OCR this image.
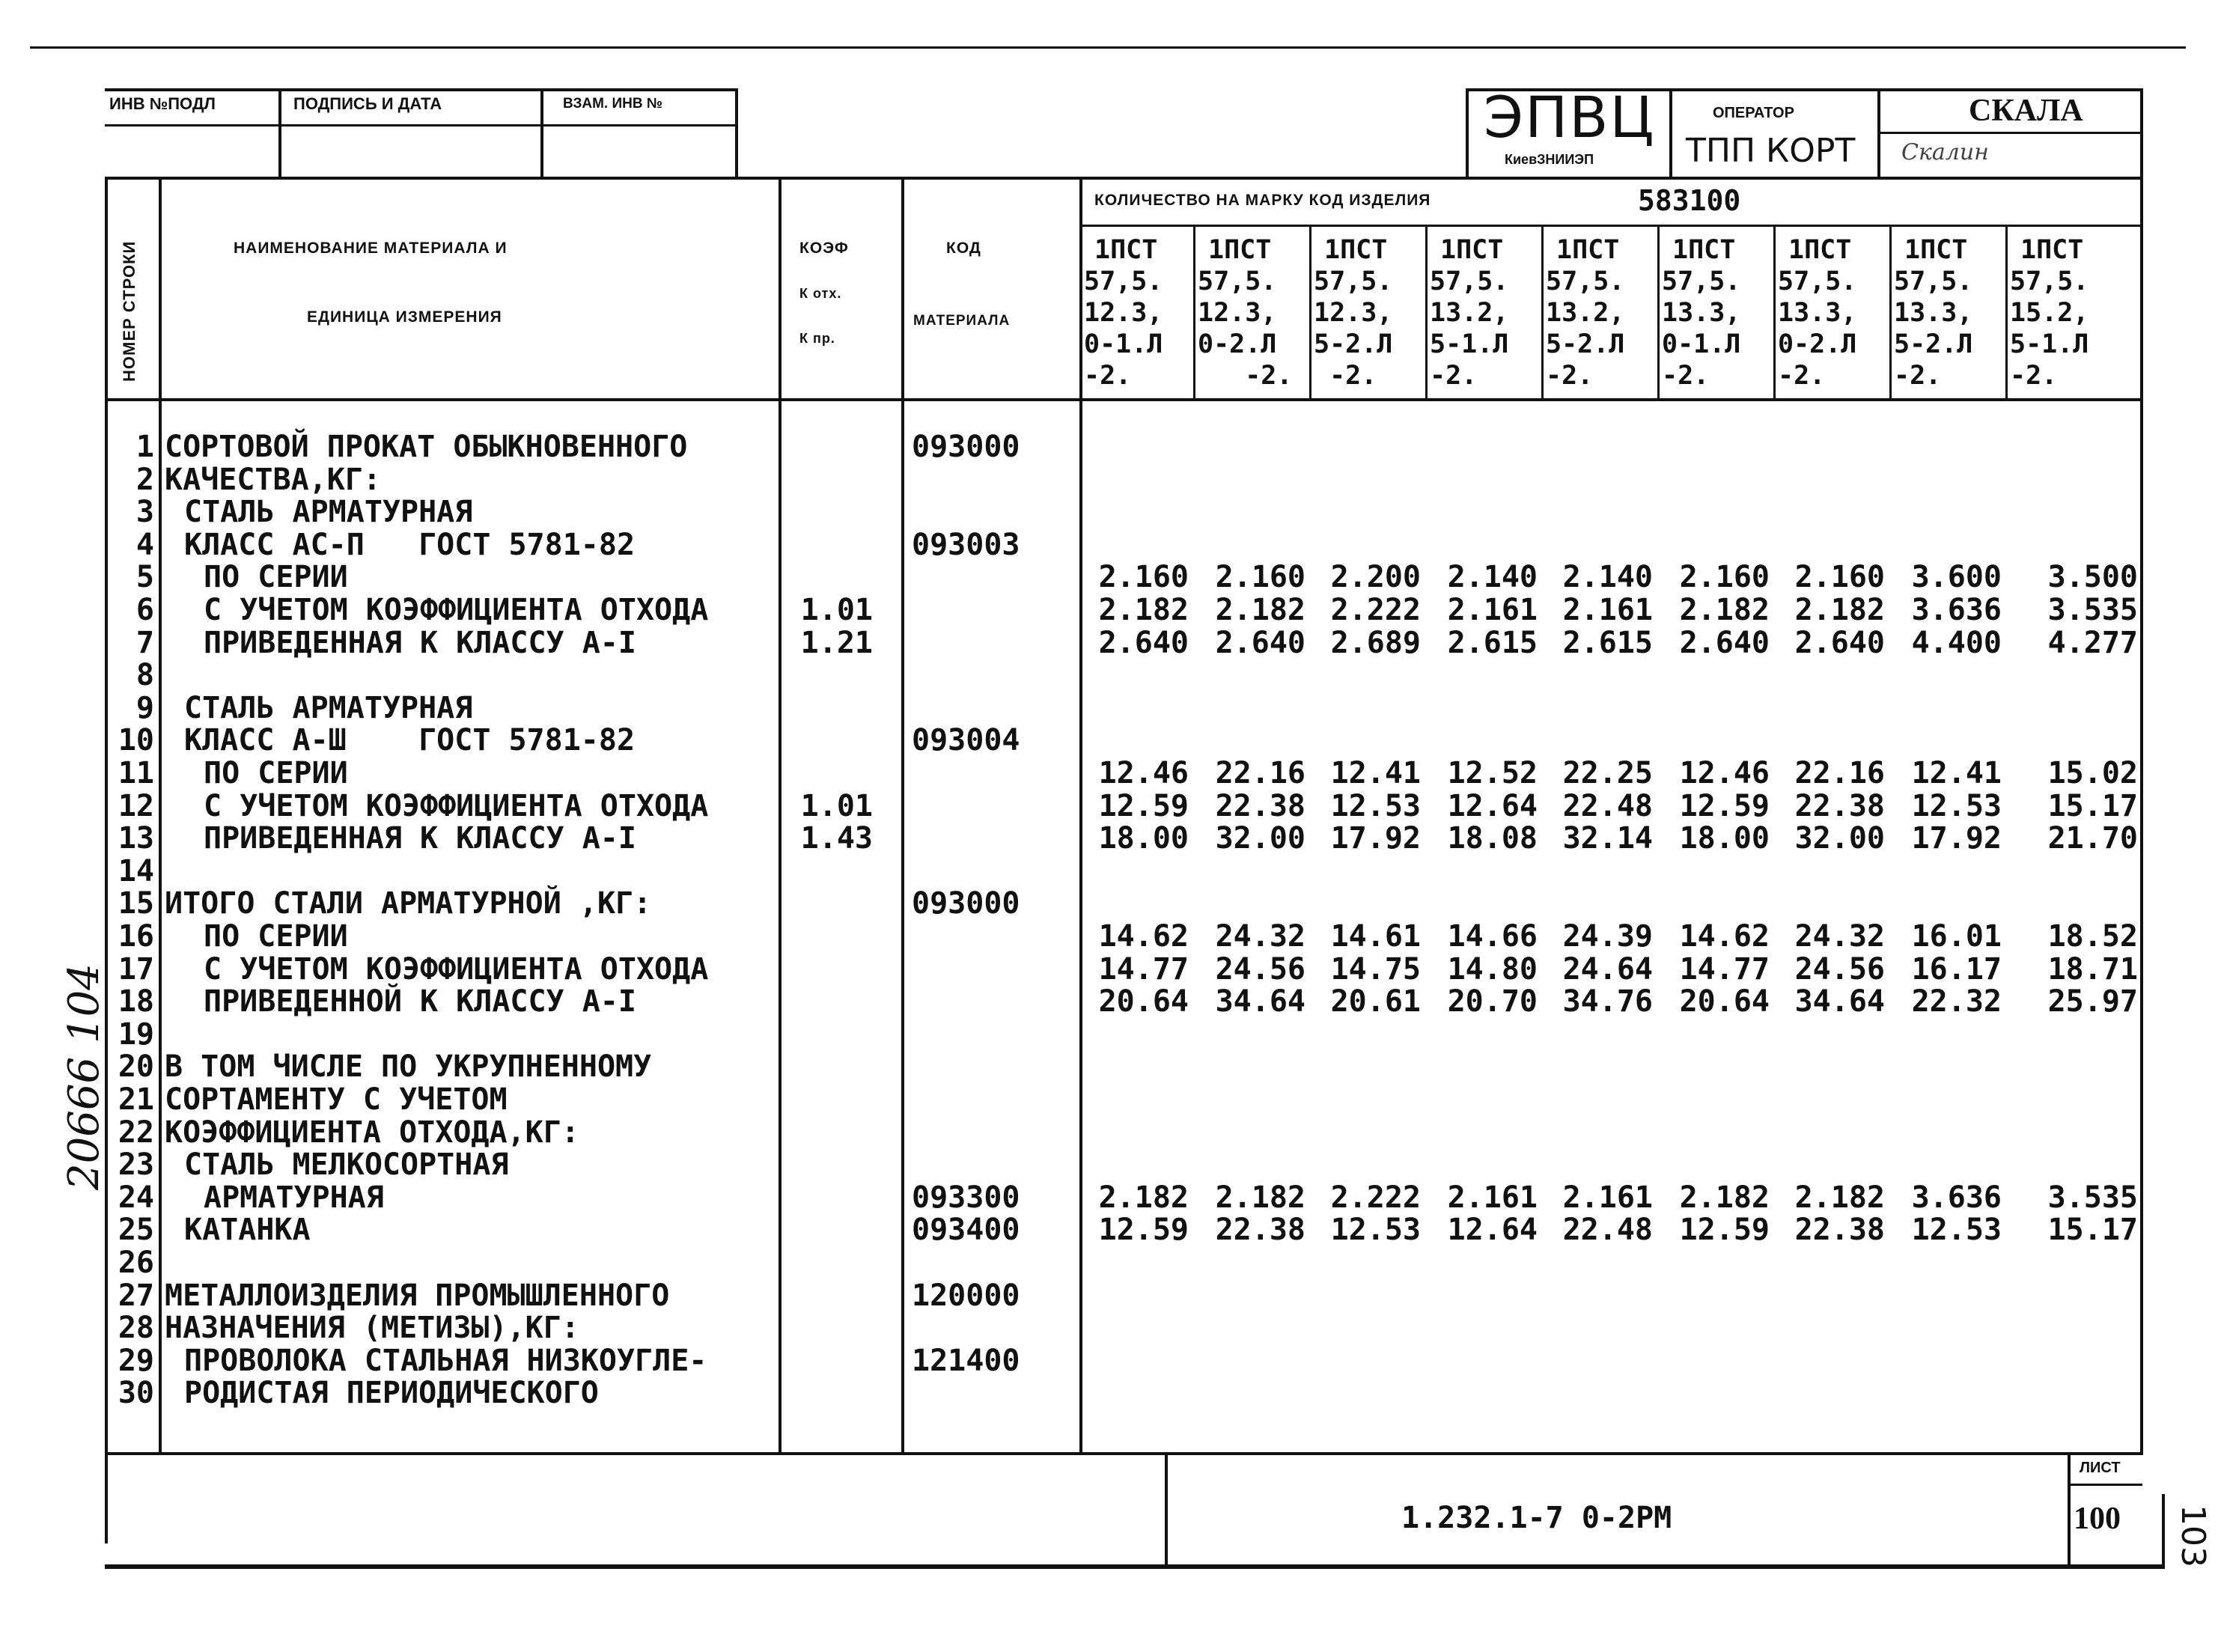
ИНВ №ПОДЛ	ПОДПИСЬ И ДАТА	ВЗАМ. ИНВ №	ЭПВЦ
КиевЗНИИЭП
ОПЕРАТОР
ТПП КОРТ
СКАЛА
Скалин
НОМЕР СТРОКИ	НАИМЕНОВАНИЕ МАТЕРИАЛА И
ЕДИНИЦА ИЗМЕРЕНИЯ
КОЭФ
К отх.
К пр.
КОД
МАТЕРИАЛА
КОЛИЧЕСТВО НА МАРКУ КОД ИЗДЕЛИЯ	583100
1ПСТ
57,5.
12.3,
0-1.Л
-2.
1ПСТ
57,5.
12.3,
0-2.Л
-2.
1ПСТ
57,5.
12.3,
5-2.Л
-2.
1ПСТ
57,5.
13.2,
5-1.Л
-2.
1ПСТ
57,5.
13.2,
5-2.Л
-2.
1ПСТ
57,5.
13.3,
0-1.Л
-2.
1ПСТ
57,5.
13.3,
0-2.Л
-2.
1ПСТ
57,5.
13.3,
5-2.Л
-2.
1ПСТ
57,5.
15.2,
5-1.Л
-2.
1 СОРТОВОЙ ПРОКАТ ОБЫКНОВЕННОГО	093000
2 КАЧЕСТВА,КГ:
3 СТАЛЬ АРМАТУРНАЯ
4 КЛАСС АС-П   ГОСТ 5781-82	093003
5 ПО СЕРИИ	2.160 2.160 2.200 2.140 2.140 2.160 2.160 3.600	3.500
6 С УЧЕТОМ КОЭФФИЦИЕНТА ОТХОДА	1.01	2.182 2.182 2.222 2.161 2.161 2.182 2.182 3.636	3.535
7 ПРИВЕДЕННАЯ К КЛАССУ А-I	1.21	2.640 2.640 2.689 2.615 2.615 2.640 2.640 4.400	4.277
8
9 СТАЛЬ АРМАТУРНАЯ
10 КЛАСС А-Ш    ГОСТ 5781-82	093004
11 ПО СЕРИИ	12.46 22.16 12.41 12.52 22.25 12.46 22.16 12.41	15.02
12 С УЧЕТОМ КОЭФФИЦИЕНТА ОТХОДА	1.01	12.59 22.38 12.53 12.64 22.48 12.59 22.38 12.53	15.17
13 ПРИВЕДЕННАЯ К КЛАССУ А-I	1.43	18.00 32.00 17.92 18.08 32.14 18.00 32.00 17.92	21.70
14
15 ИТОГО СТАЛИ АРМАТУРНОЙ ,КГ:	093000
16 ПО СЕРИИ	14.62 24.32 14.61 14.66 24.39 14.62 24.32 16.01	18.52
17 С УЧЕТОМ КОЭФФИЦИЕНТА ОТХОДА	14.77 24.56 14.75 14.80 24.64 14.77 24.56 16.17	18.71
18 ПРИВЕДЕННОЙ К КЛАССУ А-I	20.64 34.64 20.61 20.70 34.76 20.64 34.64 22.32	25.97
19
20 В ТОМ ЧИСЛЕ ПО УКРУПНЕННОМУ
21 СОРТАМЕНТУ С УЧЕТОМ
22 КОЭФФИЦИЕНТА ОТХОДА,КГ:
23 СТАЛЬ МЕЛКОСОРТНАЯ
24 АРМАТУРНАЯ	093300	2.182 2.182 2.222 2.161 2.161 2.182 2.182 3.636	3.535
25 КАТАНКА	093400	12.59 22.38 12.53 12.64 22.48 12.59 22.38 12.53	15.17
26
27 МЕТАЛЛОИЗДЕЛИЯ ПРОМЫШЛЕННОГО	120000
28 НАЗНАЧЕНИЯ (МЕТИЗЫ),КГ:
29 ПРОВОЛОКА СТАЛЬНАЯ НИЗКОУГЛЕ-	121400
30 РОДИСТАЯ ПЕРИОДИЧЕСКОГО
1.232.1-7 0-2РМ
ЛИСТ
100 103
20666 104
